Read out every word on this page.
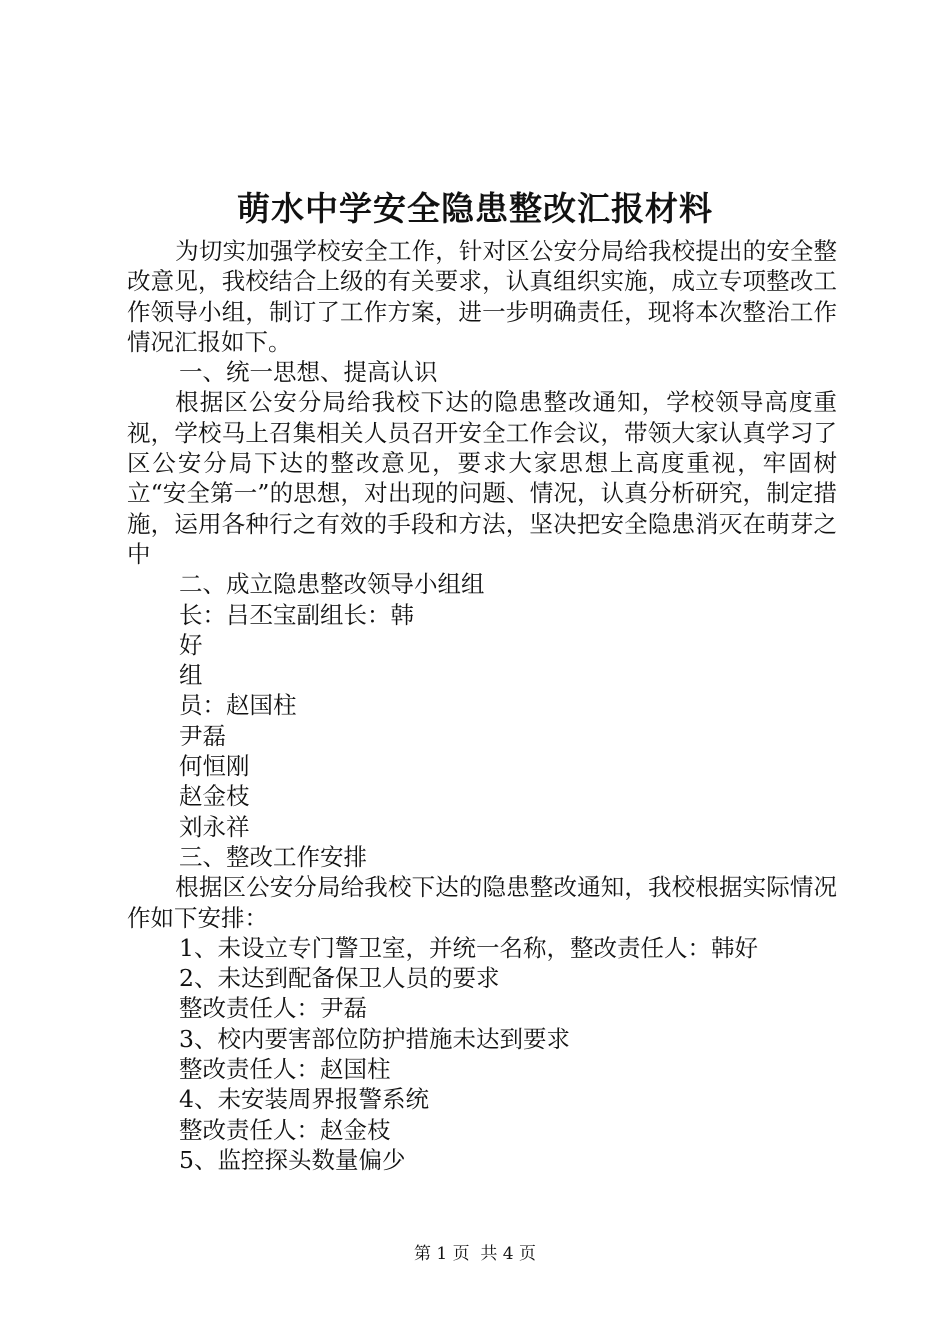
萌水中学安全隐患整改汇报材料

为切实加强学校安全工作，针对区公安分局给我校提出的安全整改意见，我校结合上级的有关要求，认真组织实施，成立专项整改工作领导小组，制订了工作方案，进一步明确责任，现将本次整治工作情况汇报如下。

一、统一思想、提高认识

根据区公安分局给我校下达的隐患整改通知，学校领导高度重视，学校马上召集相关人员召开安全工作会议，带领大家认真学习了区公安分局下达的整改意见，要求大家思想上高度重视，牢固树立“安全第一”的思想，对出现的问题、情况，认真分析研究，制定措施，运用各种行之有效的手段和方法，坚决把安全隐患消灭在萌芽之中

二、成立隐患整改领导小组组

长：吕丕宝副组长：韩

好

组

员：赵国柱

尹磊

何恒刚

赵金枝

刘永祥

三、整改工作安排

根据区公安分局给我校下达的隐患整改通知，我校根据实际情况作如下安排：

1、未设立专门警卫室，并统一名称，整改责任人：韩好

2、未达到配备保卫人员的要求

整改责任人：尹磊

3、校内要害部位防护措施未达到要求

整改责任人：赵国柱

4、未安装周界报警系统

整改责任人：赵金枝

5、监控探头数量偏少

第 1 页  共 4 页
